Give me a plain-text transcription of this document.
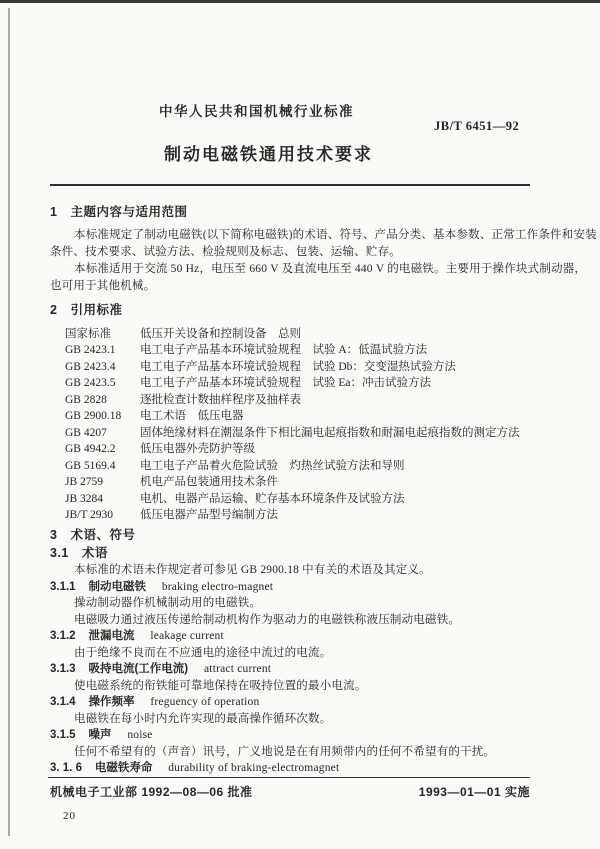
中华人民共和国机械行业标准
JB/T 6451—92
制动电磁铁通用技术要求
1　主题内容与适用范围
本标准规定了制动电磁铁(以下简称电磁铁)的术语、符号、产品分类、基本参数、正常工作条件和安装
条件、技术要求、试验方法、检验规则及标志、包装、运输、贮存。
本标准适用于交流 50 Hz，电压至 660 V 及直流电压至 440 V 的电磁铁。主要用于操作块式制动器，
也可用于其他机械。
2　引用标准
国家标准	低压开关设备和控制设备　总则
GB 2423.1	电工电子产品基本环境试验规程　试验 A：低温试验方法
GB 2423.4	电工电子产品基本环境试验规程　试验 Db：交变湿热试验方法
GB 2423.5	电工电子产品基本环境试验规程　试验 Ea：冲击试验方法
GB 2828	逐批检查计数抽样程序及抽样表
GB 2900.18	电工术语　低压电器
GB 4207	固体绝缘材料在潮湿条件下相比漏电起痕指数和耐漏电起痕指数的测定方法
GB 4942.2	低压电器外壳防护等级
GB 5169.4	电工电子产品着火危险试验　灼热丝试验方法和导则
JB 2759	机电产品包装通用技术条件
JB 3284	电机、电器产品运输、贮存基本环境条件及试验方法
JB/T 2930	低压电器产品型号编制方法
3　术语、符号
3.1　术语
本标准的术语未作规定者可参见 GB 2900.18 中有关的术语及其定义。
3.1.1 制动电磁铁 braking electro-magnet
操动制动器作机械制动用的电磁铁。
电磁吸力通过液压传递给制动机构作为驱动力的电磁铁称液压制动电磁铁。
3.1.2 泄漏电流 leakage current
由于绝缘不良而在不应通电的途径中流过的电流。
3.1.3 吸持电流(工作电流) attract current
使电磁系统的衔铁能可靠地保持在吸持位置的最小电流。
3.1.4 操作频率 freguency of operation
电磁铁在每小时内允许实现的最高操作循环次数。
3.1.5 噪声 noise
任何不希望有的（声音）讯号，广义地说是在有用频带内的任何不希望有的干扰。
3. 1. 6 电磁铁寿命 durability of braking-electromagnet
机械电子工业部 1992—08—06 批准	1993—01—01 实施
20
